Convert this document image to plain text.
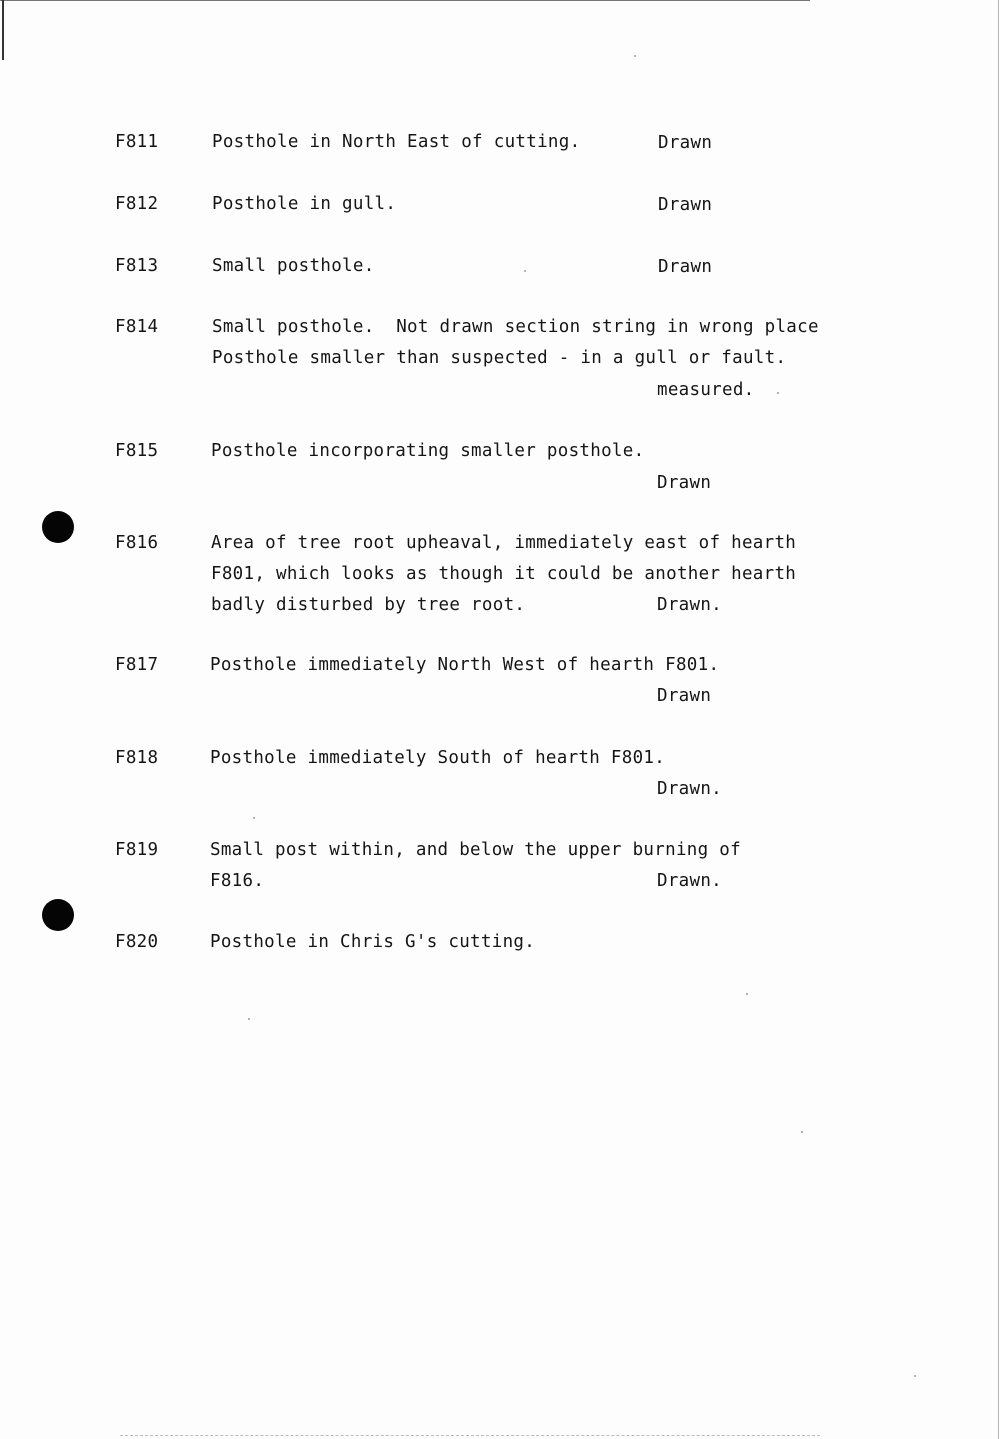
F811	Posthole in North East of cutting.	Drawn
F812	Posthole in gull.	Drawn
F813	Small posthole.	Drawn
F814	Small posthole.  Not drawn section string in wrong place
Posthole smaller than suspected - in a gull or fault.
measured.
F815	Posthole incorporating smaller posthole.
Drawn
F816	Area of tree root upheaval, immediately east of hearth
F801, which looks as though it could be another hearth
badly disturbed by tree root.	Drawn.
F817	Posthole immediately North West of hearth F801.
Drawn
F818	Posthole immediately South of hearth F801.
Drawn.
F819	Small post within, and below the upper burning of
F816.	Drawn.
F820	Posthole in Chris G's cutting.
